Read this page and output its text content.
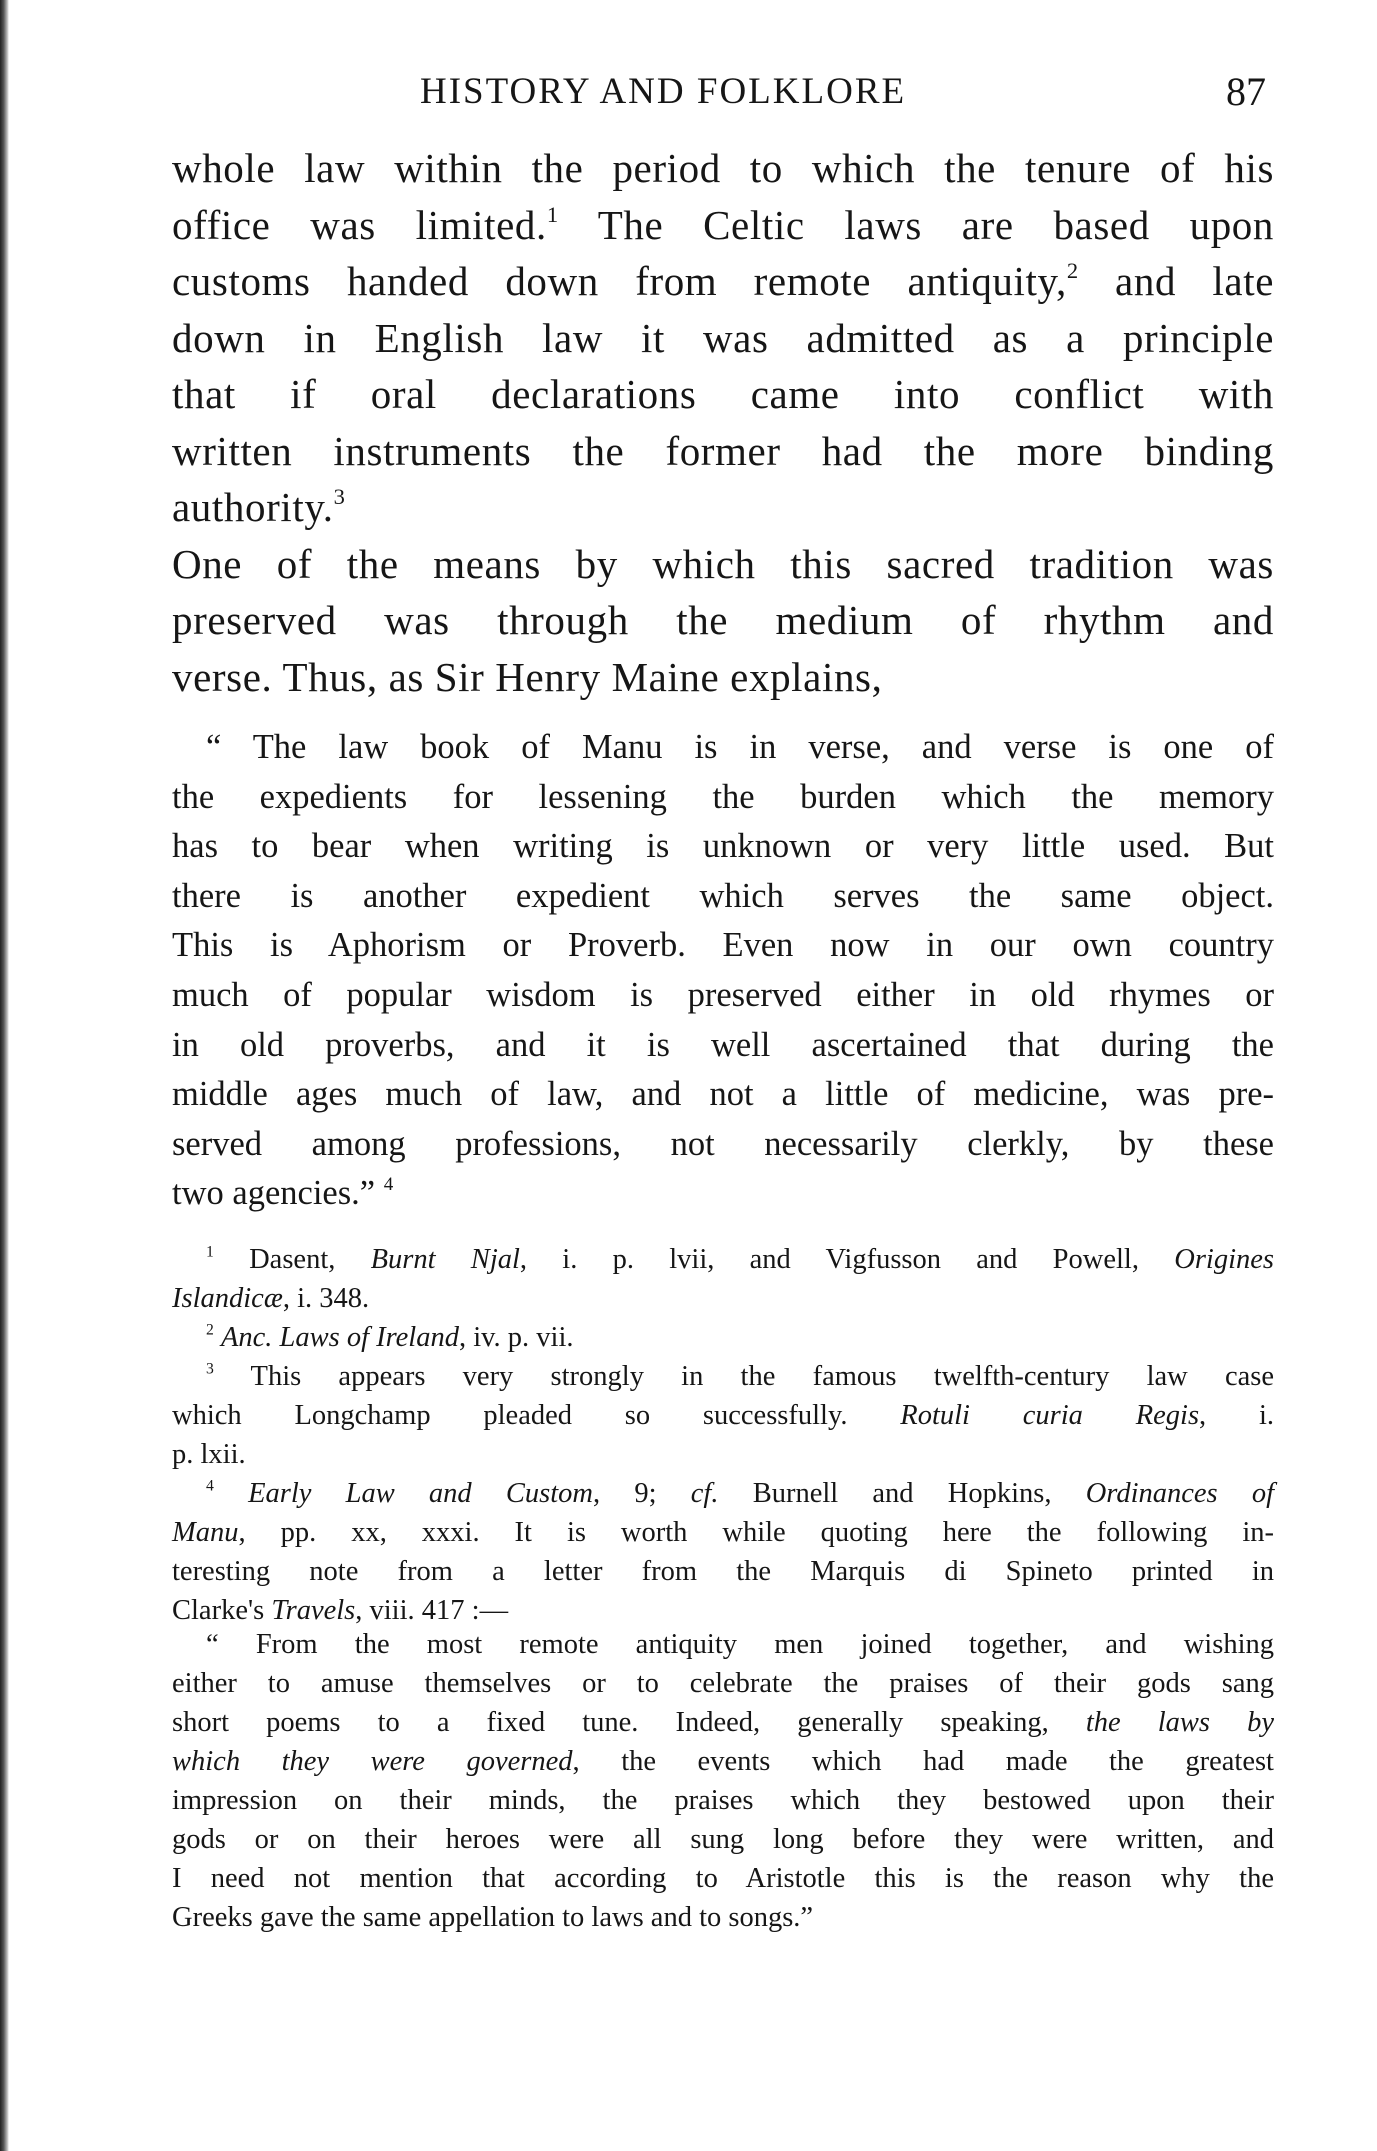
HISTORY AND FOLKLORE	87
whole law within the period to which the tenure of his
office was limited.$^1$ The Celtic laws are based upon
customs handed down from remote antiquity,$^2$ and late
down in English law it was admitted as a principle
that if oral declarations came into conflict with
written instruments the former had the more binding
authority.$^3$
One of the means by which this sacred tradition was
preserved was through the medium of rhythm and
verse. Thus, as Sir Henry Maine explains,
“ The law book of Manu is in verse, and verse is one of
the expedients for lessening the burden which the memory
has to bear when writing is unknown or very little used. But
there is another expedient which serves the same object.
This is Aphorism or Proverb. Even now in our own country
much of popular wisdom is preserved either in old rhymes or
in old proverbs, and it is well ascertained that during the
middle ages much of law, and not a little of medicine, was pre-
served among professions, not necessarily clerkly, by these
two agencies.” $^4$
$^1$ Dasent, Burnt Njal, i. p. lvii, and Vigfusson and Powell, Origines
Islandicæ, i. 348.
$^2$ Anc. Laws of Ireland, iv. p. vii.
$^3$ This appears very strongly in the famous twelfth-century law case
which Longchamp pleaded so successfully. Rotuli curia Regis, i.
p. lxii.
$^4$ Early Law and Custom, 9; cf. Burnell and Hopkins, Ordinances of
Manu, pp. xx, xxxi. It is worth while quoting here the following in-
teresting note from a letter from the Marquis di Spineto printed in
Clarke's Travels, viii. 417 :—
“ From the most remote antiquity men joined together, and wishing
either to amuse themselves or to celebrate the praises of their gods sang
short poems to a fixed tune. Indeed, generally speaking, the laws by
which they were governed, the events which had made the greatest
impression on their minds, the praises which they bestowed upon their
gods or on their heroes were all sung long before they were written, and
I need not mention that according to Aristotle this is the reason why the
Greeks gave the same appellation to laws and to songs.”
